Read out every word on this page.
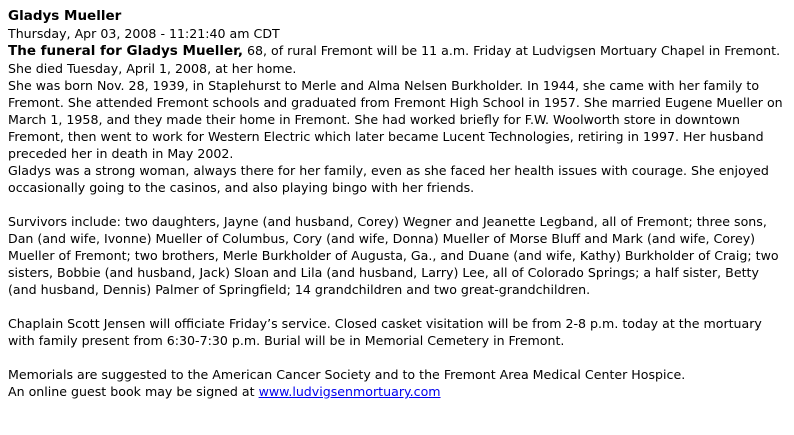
Gladys Mueller
Thursday, Apr 03, 2008 - 11:21:40 am CDT

The funeral for Gladys Mueller, 68, of rural Fremont will be 11 a.m. Friday at Ludvigsen Mortuary Chapel in Fremont.

She died Tuesday, April 1, 2008, at her home.

She was born Nov. 28, 1939, in Staplehurst to Merle and Alma Nelsen Burkholder. In 1944, she came with her family to Fremont. She attended Fremont schools and graduated from Fremont High School in 1957. She married Eugene Mueller on March 1, 1958, and they made their home in Fremont. She had worked briefly for F.W. Woolworth store in downtown Fremont, then went to work for Western Electric which later became Lucent Technologies, retiring in 1997. Her husband preceded her in death in May 2002.

Gladys was a strong woman, always there for her family, even as she faced her health issues with courage. She enjoyed occasionally going to the casinos, and also playing bingo with her friends.

Survivors include: two daughters, Jayne (and husband, Corey) Wegner and Jeanette Legband, all of Fremont; three sons, Dan (and wife, Ivonne) Mueller of Columbus, Cory (and wife, Donna) Mueller of Morse Bluff and Mark (and wife, Corey) Mueller of Fremont; two brothers, Merle Burkholder of Augusta, Ga., and Duane (and wife, Kathy) Burkholder of Craig; two sisters, Bobbie (and husband, Jack) Sloan and Lila (and husband, Larry) Lee, all of Colorado Springs; a half sister, Betty (and husband, Dennis) Palmer of Springfield; 14 grandchildren and two great-grandchildren.

Chaplain Scott Jensen will officiate Friday’s service. Closed casket visitation will be from 2-8 p.m. today at the mortuary with family present from 6:30-7:30 p.m. Burial will be in Memorial Cemetery in Fremont.

Memorials are suggested to the American Cancer Society and to the Fremont Area Medical Center Hospice.

An online guest book may be signed at www.ludvigsenmortuary.com
